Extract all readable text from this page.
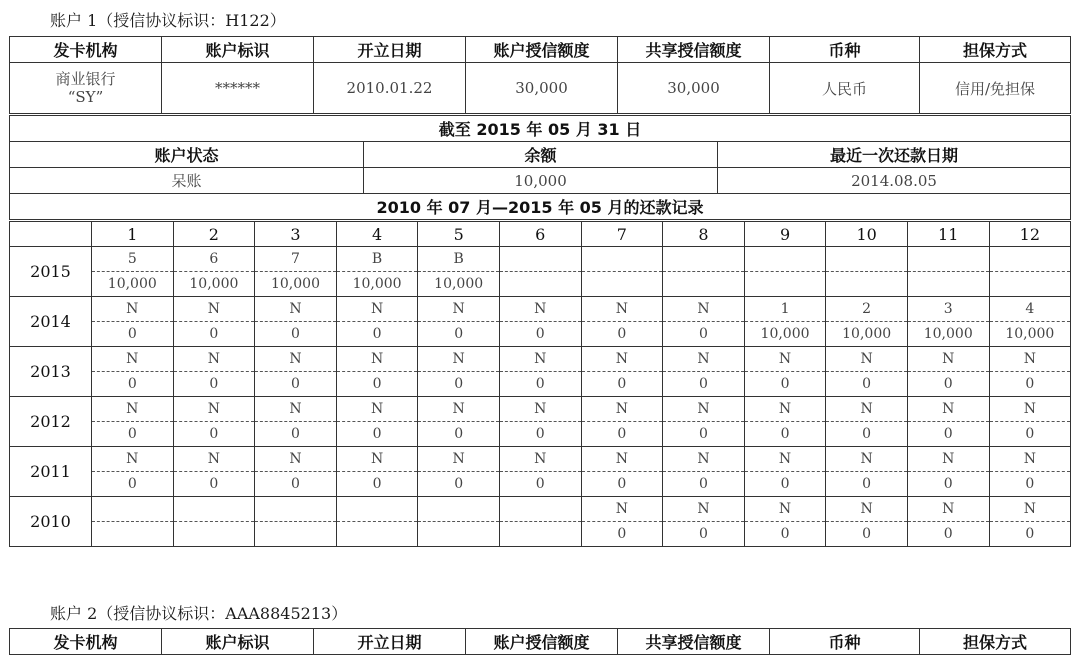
账户 1（授信协议标识：H122）
发卡机构	账户标识	开立日期	账户授信额度	共享授信额度	币种	担保方式

商业银行
“SY”	******	2010.01.22	30,000	30,000	人民币	信用/免担保
截至 2015 年 05 月 31 日		
账户状态	余额	最近一次还款日期
呆账	10,000	2014.08.05
2010 年 07 月—2015 年 05 月的还款记录		
	1	2	3	4	5	6	7	8	9	10	11	12
2015	5	6	7	B	B							
	10,000	10,000	10,000	10,000	10,000							
2014	N	N	N	N	N	N	N	N	1	2	3	4
	0	0	0	0	0	0	0	0	10,000	10,000	10,000	10,000
2013	N	N	N	N	N	N	N	N	N	N	N	N
	0	0	0	0	0	0	0	0	0	0	0	0
2012	N	N	N	N	N	N	N	N	N	N	N	N
	0	0	0	0	0	0	0	0	0	0	0	0
2011	N	N	N	N	N	N	N	N	N	N	N	N
	0	0	0	0	0	0	0	0	0	0	0	0
2010							N	N	N	N	N	N
							0	0	0	0	0	0
账户 2（授信协议标识：AAA8845213）
发卡机构	账户标识	开立日期	账户授信额度	共享授信额度	币种	担保方式
